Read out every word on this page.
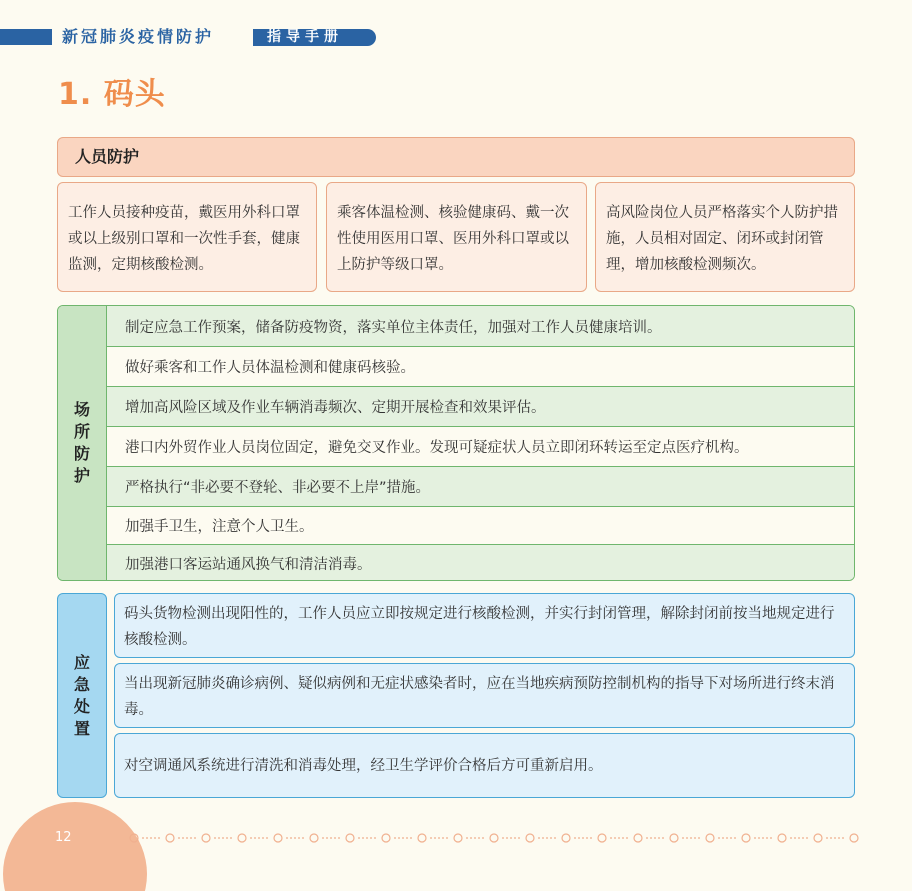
新冠肺炎疫情防护	指导手册
1. 码头
人员防护
工作人员接种疫苗，戴医用外科口罩或以上级别口罩和一次性手套，健康监测，定期核酸检测。
乘客体温检测、核验健康码、戴一次性使用医用口罩、医用外科口罩或以上防护等级口罩。
高风险岗位人员严格落实个人防护措施，人员相对固定、闭环或封闭管理，增加核酸检测频次。
场所防护
制定应急工作预案，储备防疫物资，落实单位主体责任，加强对工作人员健康培训。
做好乘客和工作人员体温检测和健康码核验。
增加高风险区域及作业车辆消毒频次、定期开展检查和效果评估。
港口内外贸作业人员岗位固定，避免交叉作业。发现可疑症状人员立即闭环转运至定点医疗机构。
严格执行“非必要不登轮、非必要不上岸”措施。
加强手卫生，注意个人卫生。
加强港口客运站通风换气和清洁消毒。
应急处置
码头货物检测出现阳性的，工作人员应立即按规定进行核酸检测，并实行封闭管理，解除封闭前按当地规定进行核酸检测。
当出现新冠肺炎确诊病例、疑似病例和无症状感染者时，应在当地疾病预防控制机构的指导下对场所进行终末消毒。
对空调通风系统进行清洗和消毒处理，经卫生学评价合格后方可重新启用。
12
